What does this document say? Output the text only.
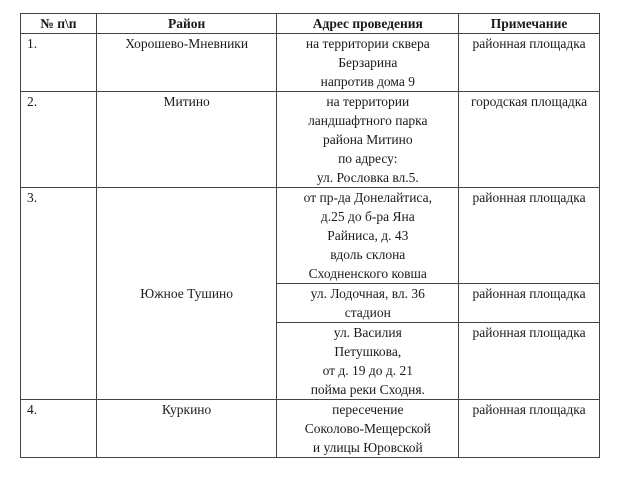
№ п\п	Район	Адрес проведения	Примечание
1.	Хорошево-Мневники	на территории сквера
Берзарина
напротив дома 9	районная площадка
2.	Митино	на территории
ландшафтного парка
района Митино
по адресу:
ул. Рословка вл.5.	городская площадка
3.	Южное Тушино	от пр-да Донелайтиса,
д.25 до б-ра Яна
Райниса, д. 43
вдоль склона
Сходненского ковша	районная площадка

		ул. Лодочная, вл. 36
стадион	районная площадка

		ул. Василия
Петушкова,
от д. 19 до д. 21
пойма реки Сходня.	районная площадка
4.	Куркино	пересечение
Соколово-Мещерской
и улицы Юровской	районная площадка
